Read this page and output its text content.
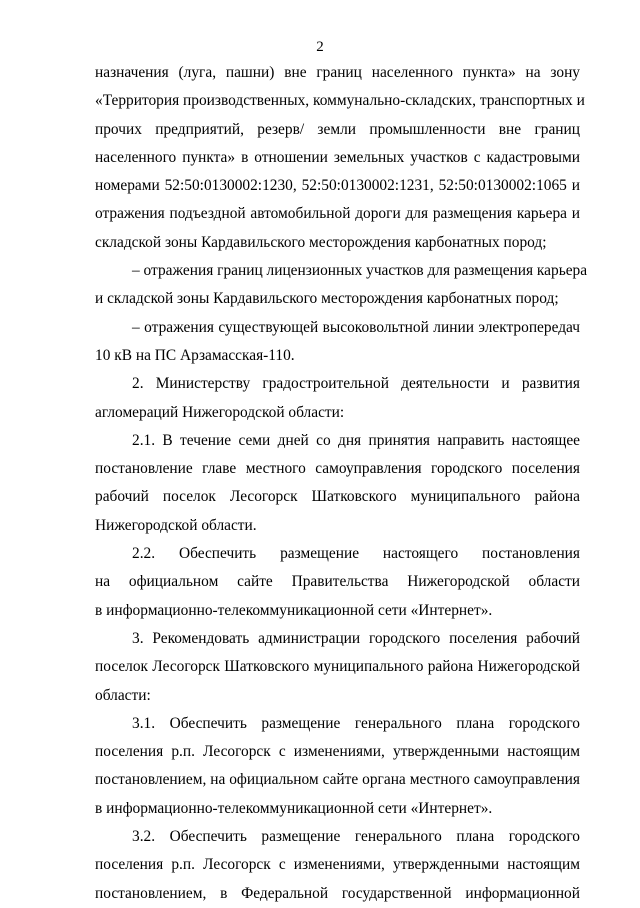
2
назначения (луга, пашни) вне границ населенного пункта» на зону
«Территория производственных, коммунально-складских, транспортных и
прочих предприятий, резерв/ земли промышленности вне границ
населенного пункта» в отношении земельных участков с кадастровыми
номерами 52:50:0130002:1230, 52:50:0130002:1231, 52:50:0130002:1065 и
отражения подъездной автомобильной дороги для размещения карьера и
складской зоны Кардавильского месторождения карбонатных пород;
– отражения границ лицензионных участков для размещения карьера
и складской зоны Кардавильского месторождения карбонатных пород;
– отражения существующей высоковольтной линии электропередач
10 кВ на ПС Арзамасская-110.
2. Министерству градостроительной деятельности и развития
агломераций Нижегородской области:
2.1. В течение семи дней со дня принятия направить настоящее
постановление главе местного самоуправления городского поселения
рабочий поселок Лесогорск Шатковского муниципального района
Нижегородской области.
2.2. Обеспечить размещение настоящего постановления
на официальном сайте Правительства Нижегородской области
в информационно-телекоммуникационной сети «Интернет».
3. Рекомендовать администрации городского поселения рабочий
поселок Лесогорск Шатковского муниципального района Нижегородской
области:
3.1. Обеспечить размещение генерального плана городского
поселения р.п. Лесогорск с изменениями, утвержденными настоящим
постановлением, на официальном сайте органа местного самоуправления
в информационно-телекоммуникационной сети «Интернет».
3.2. Обеспечить размещение генерального плана городского
поселения р.п. Лесогорск с изменениями, утвержденными настоящим
постановлением, в Федеральной государственной информационной
